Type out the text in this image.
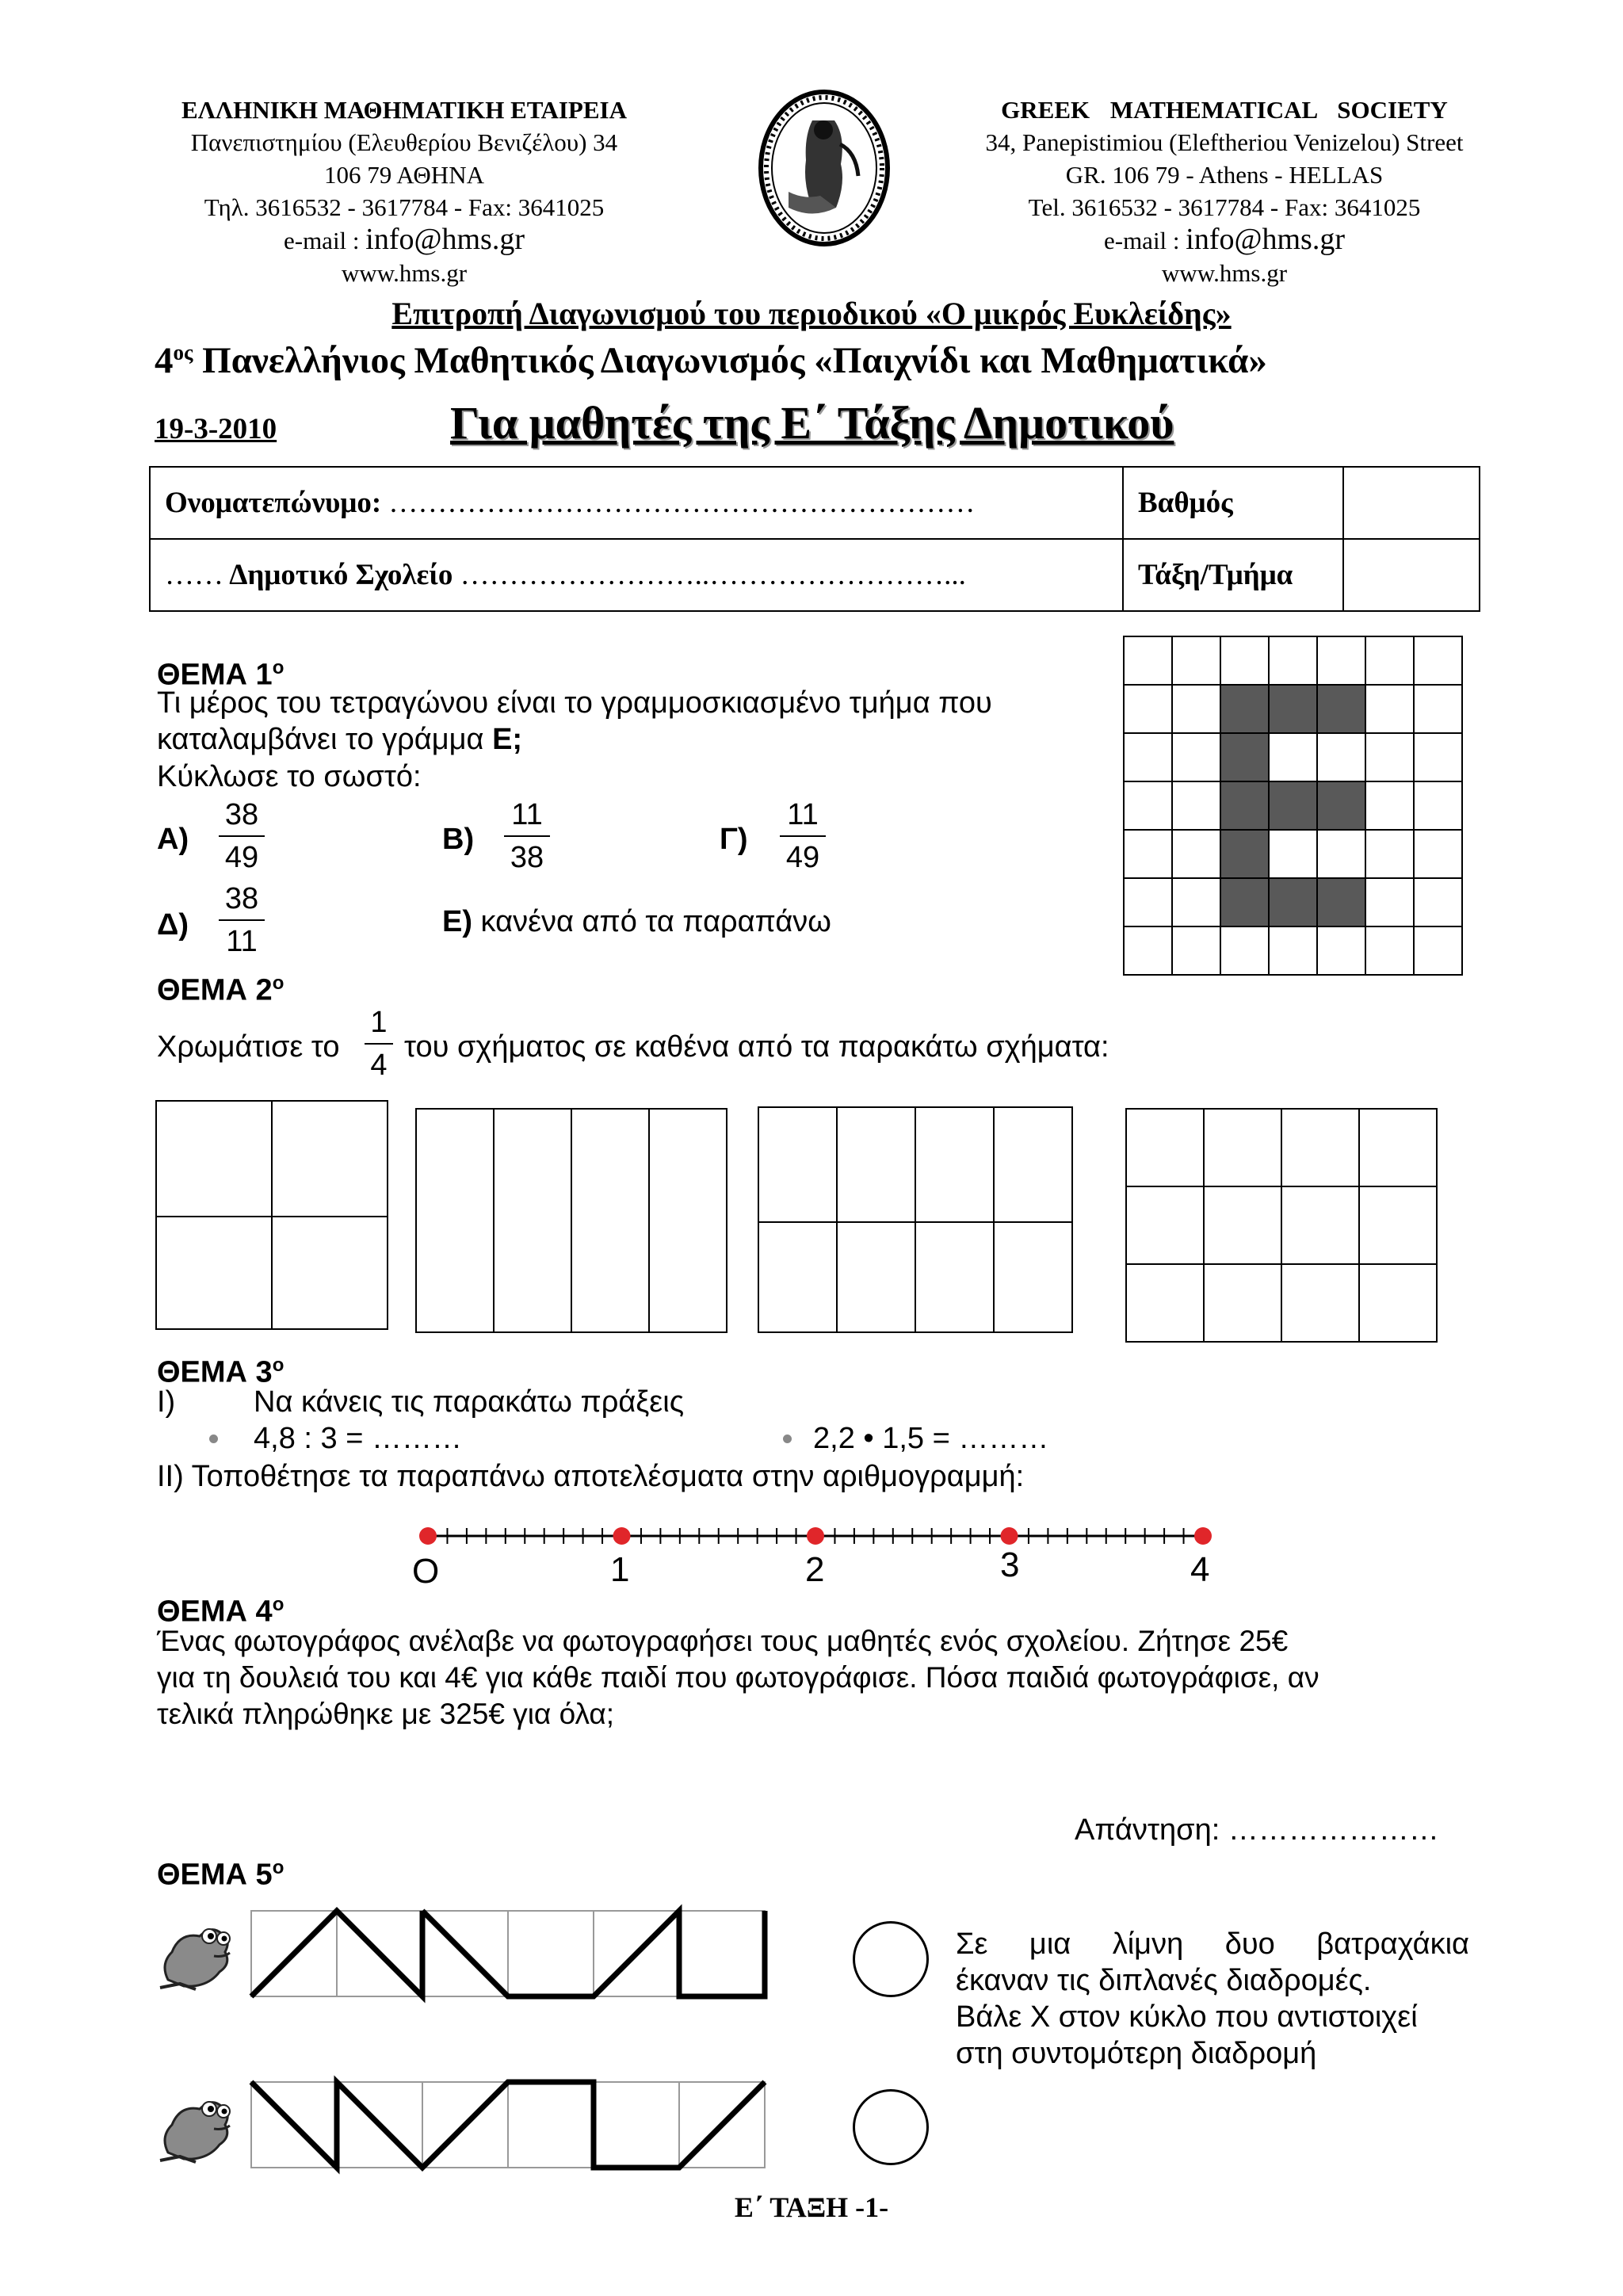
ΕΛΛΗΝΙΚΗ ΜΑΘΗΜΑΤΙΚΗ ΕΤΑΙΡΕΙΑ
Πανεπιστημίου (Ελευθερίου Βενιζέλου) 34
106 79 ΑΘΗΝΑ
Τηλ. 3616532 - 3617784 - Fax: 3641025
e-mail : info@hms.gr
www.hms.gr
GREEK MATHEMATICAL SOCIETY
34, Panepistimiou (Eleftheriou Venizelou) Street
GR. 106 79 - Athens - HELLAS
Tel. 3616532 - 3617784 - Fax: 3641025
e-mail : info@hms.gr
www.hms.gr
Επιτροπή Διαγωνισμού του περιοδικού «Ο μικρός Ευκλείδης»
$4^{o\varsigma}$ Πανελλήνιος Μαθητικός Διαγωνισμός «Παιχνίδι και Μαθηματικά»
19-3-2010	Για μαθητές της Ε΄ Τάξης Δημοτικού
Ονοματεπώνυμο: ……………………………………………………	Βαθμός	
…… Δημοτικό Σχολείο ……………………..……………………...	Τάξη/Τμήμα	
ΘΕΜΑ $1^o$
Τι μέρος του τετραγώνου είναι το γραμμοσκιασμένο τμήμα που
καταλαμβάνει το γράμμα Ε;
Κύκλωσε το σωστό:
Α)
38
49
Β)
11
38
Γ)
11
49
Δ)
38
11
Ε) κανένα από τα παραπάνω
ΘΕΜΑ $2^o$
Χρωμάτισε το
1
4
του σχήματος σε καθένα από τα παρακάτω σχήματα:
ΘΕΜΑ $3^o$
Ι)	Να κάνεις τις παρακάτω πράξεις
4,8 : 3 = ………	2,2 • 1,5 = ………
ΙΙ) Τοποθέτησε τα παραπάνω αποτελέσματα στην αριθμογραμμή:
Ο	1	2	3	4
ΘΕΜΑ $4^o$
Ένας φωτογράφος ανέλαβε να φωτογραφήσει τους μαθητές ενός σχολείου. Ζήτησε 25€
για τη δουλειά του και 4€ για κάθε παιδί που φωτογράφισε. Πόσα παιδιά φωτογράφισε, αν
τελικά πληρώθηκε με 325€ για όλα;
Απάντηση: …………………
ΘΕΜΑ $5^o$
Σε μια λίμνη δυο βατραχάκια
έκαναν τις διπλανές διαδρομές.
Βάλε Χ στον κύκλο που αντιστοιχεί
στη συντομότερη διαδρομή
Ε΄ ΤΑΞΗ -1-
